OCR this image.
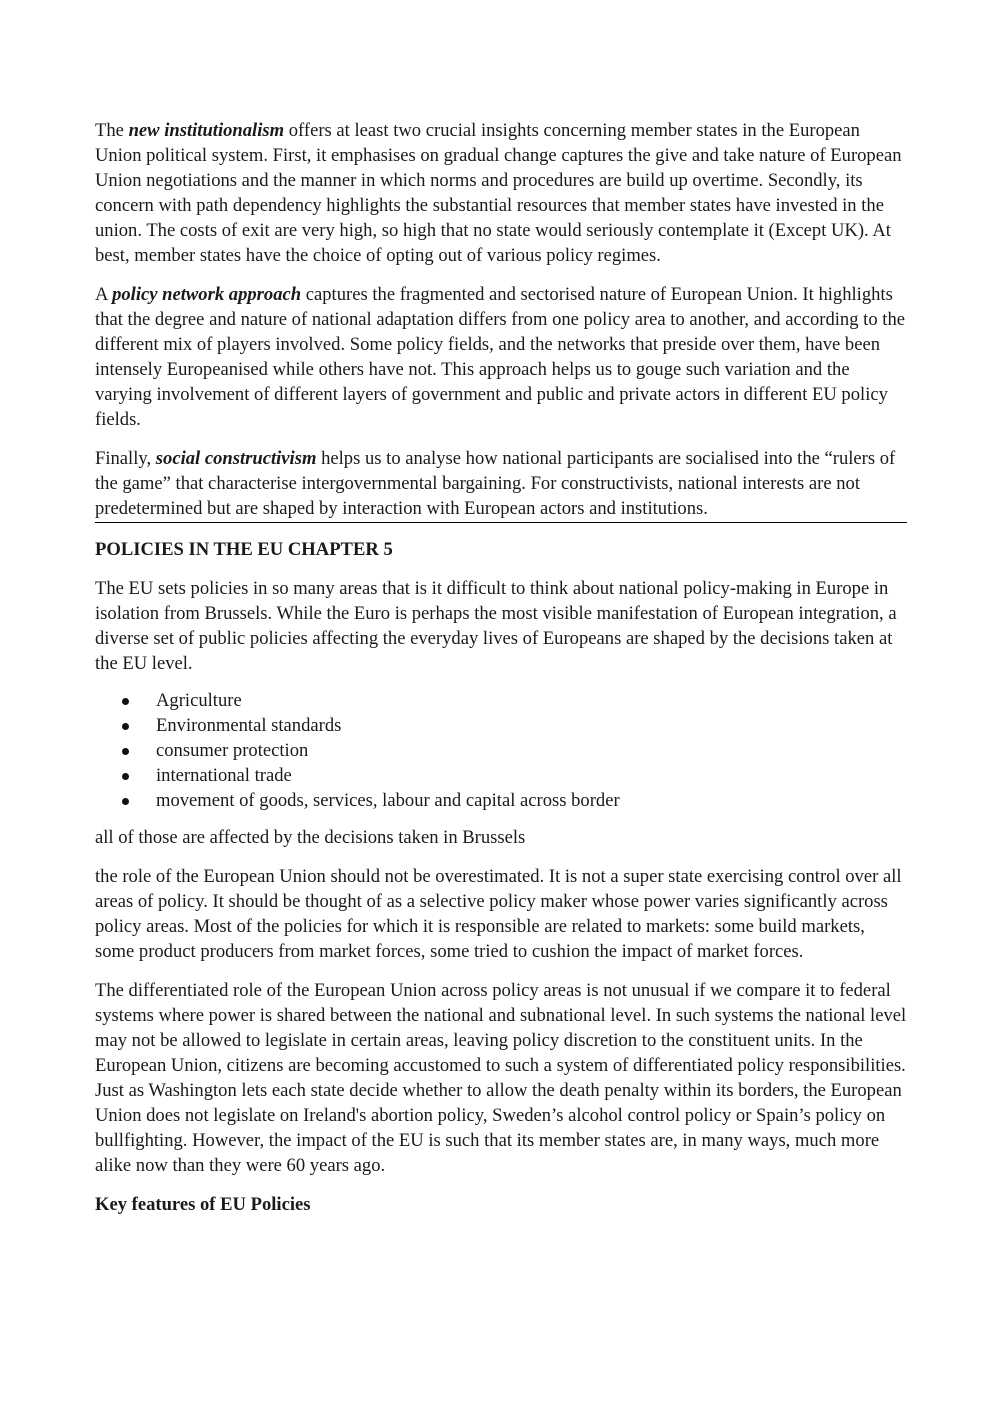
The new institutionalism offers at least two crucial insights concerning member states in the European Union political system. First, it emphasises on gradual change captures the give and take nature of European Union negotiations and the manner in which norms and procedures are build up overtime. Secondly, its concern with path dependency highlights the substantial resources that member states have invested in the union. The costs of exit are very high, so high that no state would seriously contemplate it (Except UK). At best, member states have the choice of opting out of various policy regimes.

A policy network approach captures the fragmented and sectorised nature of European Union. It highlights that the degree and nature of national adaptation differs from one policy area to another, and according to the different mix of players involved. Some policy fields, and the networks that preside over them, have been intensely Europeanised while others have not. This approach helps us to gouge such variation and the varying involvement of different layers of government and public and private actors in different EU policy fields.

Finally, social constructivism helps us to analyse how national participants are socialised into the “rulers of the game” that characterise intergovernmental bargaining. For constructivists, national interests are not predetermined but are shaped by interaction with European actors and institutions.

POLICIES IN THE EU CHAPTER 5

The EU sets policies in so many areas that is it difficult to think about national policy-making in Europe in isolation from Brussels. While the Euro is perhaps the most visible manifestation of European integration, a diverse set of public policies affecting the everyday lives of Europeans are shaped by the decisions taken at the EU level.

Agriculture
Environmental standards
consumer protection
international trade
movement of goods, services, labour and capital across border

all of those are affected by the decisions taken in Brussels

the role of the European Union should not be overestimated. It is not a super state exercising control over all areas of policy. It should be thought of as a selective policy maker whose power varies significantly across policy areas. Most of the policies for which it is responsible are related to markets: some build markets, some product producers from market forces, some tried to cushion the impact of market forces.

The differentiated role of the European Union across policy areas is not unusual if we compare it to federal systems where power is shared between the national and subnational level. In such systems the national level may not be allowed to legislate in certain areas, leaving policy discretion to the constituent units. In the European Union, citizens are becoming accustomed to such a system of differentiated policy responsibilities. Just as Washington lets each state decide whether to allow the death penalty within its borders, the European Union does not legislate on Ireland's abortion policy, Sweden’s alcohol control policy or Spain’s policy on bullfighting. However, the impact of the EU is such that its member states are, in many ways, much more alike now than they were 60 years ago.

Key features of EU Policies
